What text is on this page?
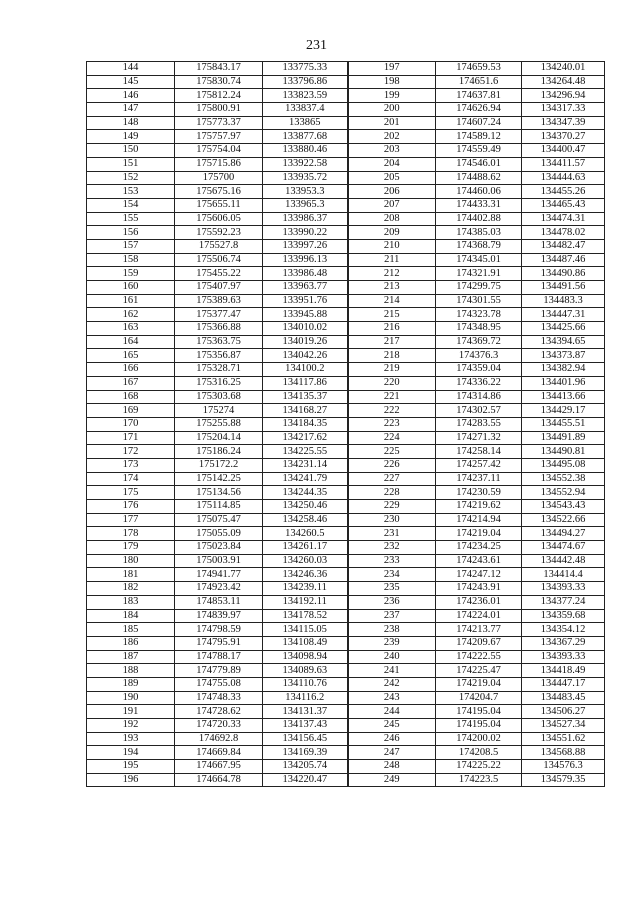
231
144	175843.17	133775.33	197	174659.53	134240.01
145	175830.74	133796.86	198	174651.6	134264.48
146	175812.24	133823.59	199	174637.81	134296.94
147	175800.91	133837.4	200	174626.94	134317.33
148	175773.37	133865	201	174607.24	134347.39
149	175757.97	133877.68	202	174589.12	134370.27
150	175754.04	133880.46	203	174559.49	134400.47
151	175715.86	133922.58	204	174546.01	134411.57
152	175700	133935.72	205	174488.62	134444.63
153	175675.16	133953.3	206	174460.06	134455.26
154	175655.11	133965.3	207	174433.31	134465.43
155	175606.05	133986.37	208	174402.88	134474.31
156	175592.23	133990.22	209	174385.03	134478.02
157	175527.8	133997.26	210	174368.79	134482.47
158	175506.74	133996.13	211	174345.01	134487.46
159	175455.22	133986.48	212	174321.91	134490.86
160	175407.97	133963.77	213	174299.75	134491.56
161	175389.63	133951.76	214	174301.55	134483.3
162	175377.47	133945.88	215	174323.78	134447.31
163	175366.88	134010.02	216	174348.95	134425.66
164	175363.75	134019.26	217	174369.72	134394.65
165	175356.87	134042.26	218	174376.3	134373.87
166	175328.71	134100.2	219	174359.04	134382.94
167	175316.25	134117.86	220	174336.22	134401.96
168	175303.68	134135.37	221	174314.86	134413.66
169	175274	134168.27	222	174302.57	134429.17
170	175255.88	134184.35	223	174283.55	134455.51
171	175204.14	134217.62	224	174271.32	134491.89
172	175186.24	134225.55	225	174258.14	134490.81
173	175172.2	134231.14	226	174257.42	134495.08
174	175142.25	134241.79	227	174237.11	134552.38
175	175134.56	134244.35	228	174230.59	134552.94
176	175114.85	134250.46	229	174219.62	134543.43
177	175075.47	134258.46	230	174214.94	134522.66
178	175055.09	134260.5	231	174219.04	134494.27
179	175023.84	134261.17	232	174234.25	134474.67
180	175003.91	134260.03	233	174243.61	134442.48
181	174941.77	134246.36	234	174247.12	134414.4
182	174923.42	134239.11	235	174243.91	134393.33
183	174853.11	134192.11	236	174236.01	134377.24
184	174839.97	134178.52	237	174224.01	134359.68
185	174798.59	134115.05	238	174213.77	134354.12
186	174795.91	134108.49	239	174209.67	134367.29
187	174788.17	134098.94	240	174222.55	134393.33
188	174779.89	134089.63	241	174225.47	134418.49
189	174755.08	134110.76	242	174219.04	134447.17
190	174748.33	134116.2	243	174204.7	134483.45
191	174728.62	134131.37	244	174195.04	134506.27
192	174720.33	134137.43	245	174195.04	134527.34
193	174692.8	134156.45	246	174200.02	134551.62
194	174669.84	134169.39	247	174208.5	134568.88
195	174667.95	134205.74	248	174225.22	134576.3
196	174664.78	134220.47	249	174223.5	134579.35
